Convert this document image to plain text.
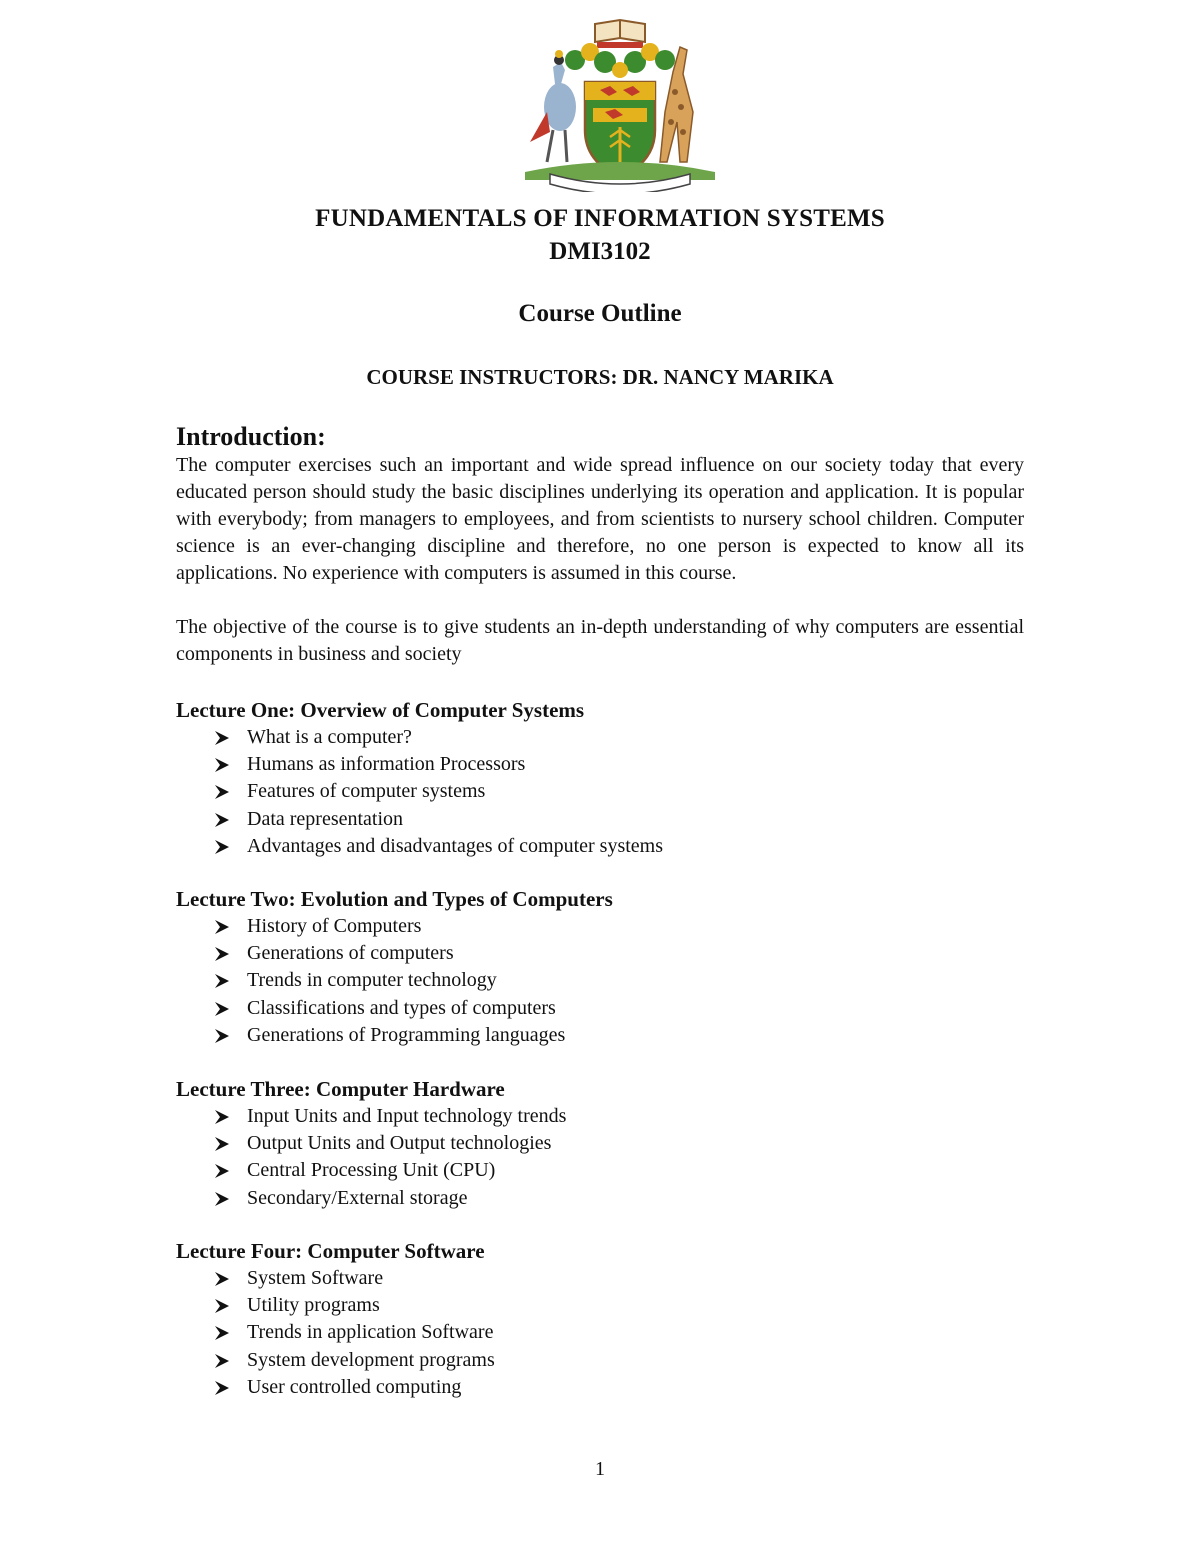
FUNDAMENTALS OF INFORMATION SYSTEMS
DMI3102
Course Outline
COURSE INSTRUCTORS: DR. NANCY MARIKA
Introduction:

The computer exercises such an important and wide spread influence on our society today that every educated person should study the basic disciplines underlying its operation and application. It is popular with everybody; from managers to employees, and from scientists to nursery school children. Computer science is an ever-changing discipline and therefore, no one person is expected to know all its applications. No experience with computers is assumed in this course.

The objective of the course is to give students an in-depth understanding of why computers are essential components in business and society

Lecture One: Overview of Computer Systems
What is a computer?
Humans as information Processors
Features of computer systems
Data representation
Advantages and disadvantages of computer systems
Lecture Two: Evolution and Types of Computers
History of Computers
Generations of computers
Trends in computer technology
Classifications and types of computers
Generations of Programming languages
Lecture Three: Computer Hardware
Input Units and Input technology trends
Output Units and Output technologies
Central Processing Unit (CPU)
Secondary/External storage
Lecture Four: Computer Software
System Software
Utility programs
Trends in application Software
System development programs
User controlled computing
1
